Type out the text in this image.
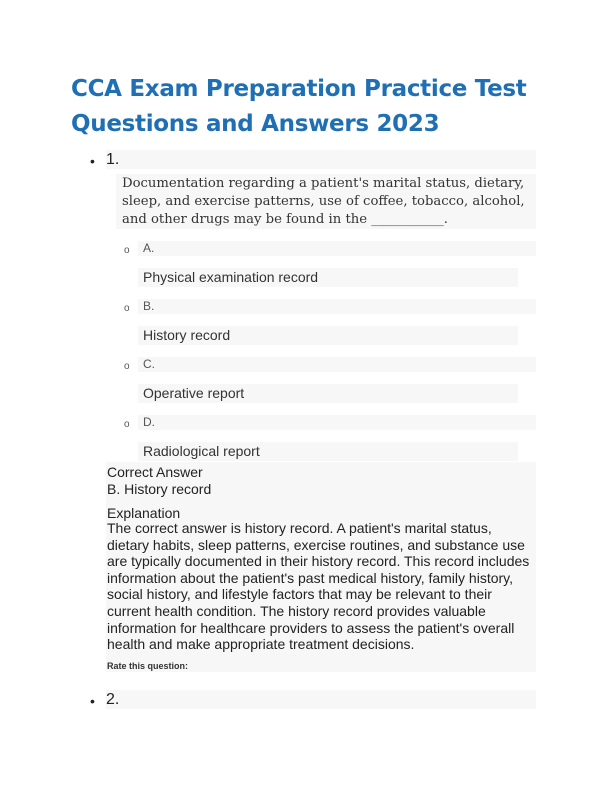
CCA Exam Preparation Practice Test Questions and Answers 2023
• 1.
Documentation regarding a patient's marital status, dietary, sleep, and exercise patterns, use of coffee, tobacco, alcohol, and other drugs may be found in the ___________.
o	A.
Physical examination record
o	B.
History record
o	C.
Operative report
o	D.
Radiological report
Correct Answer
B. History record
Explanation
The correct answer is history record. A patient's marital status, dietary habits, sleep patterns, exercise routines, and substance use are typically documented in their history record. This record includes information about the patient's past medical history, family history, social history, and lifestyle factors that may be relevant to their current health condition. The history record provides valuable information for healthcare providers to assess the patient's overall health and make appropriate treatment decisions.
Rate this question:
• 2.
